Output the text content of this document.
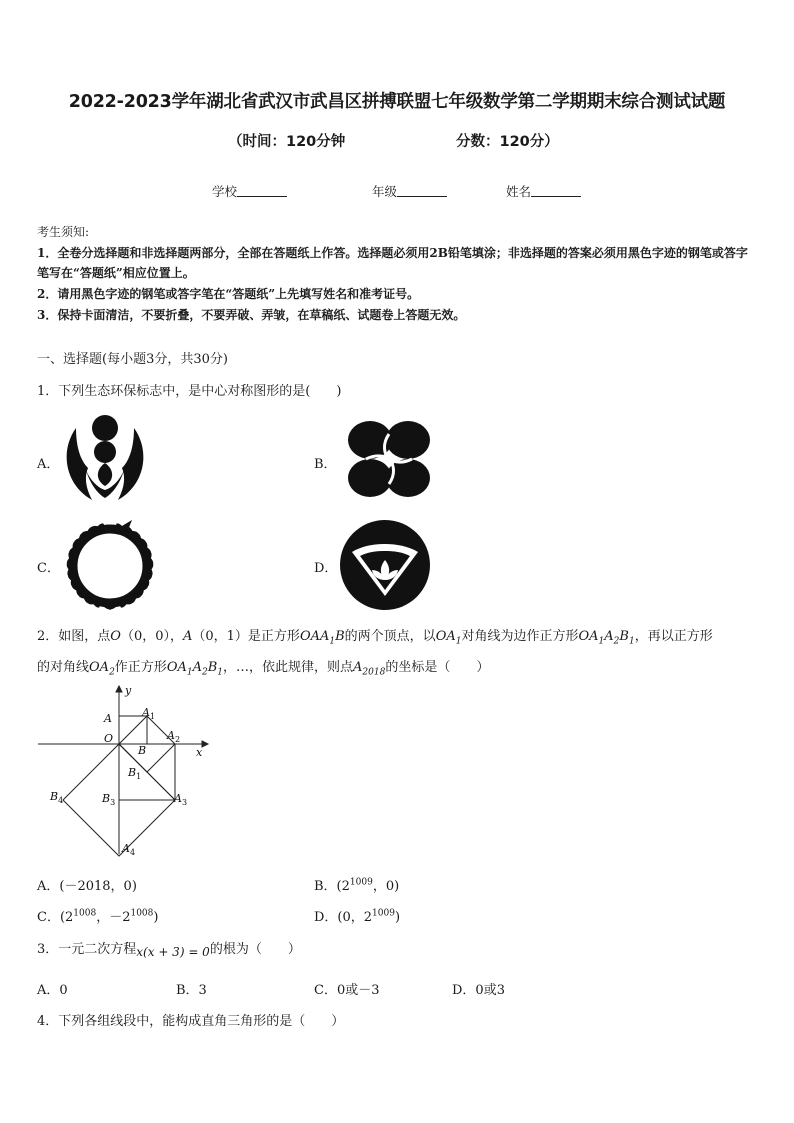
2022-2023学年湖北省武汉市武昌区拼搏联盟七年级数学第二学期期末综合测试试题
（时间：120分钟	分数：120分）
学校	年级	姓名
考生须知:
1．全卷分选择题和非选择题两部分，全部在答题纸上作答。选择题必须用2B铅笔填涂；非选择题的答案必须用黑色字迹的钢笔或答字笔写在“答题纸”相应位置上。
2．请用黑色字迹的钢笔或答字笔在“答题纸”上先填写姓名和准考证号。
3．保持卡面清洁，不要折叠，不要弄破、弄皱，在草稿纸、试题卷上答题无效。
一、选择题(每小题3分，共30分)
1．下列生态环保标志中，是中心对称图形的是(　　)
A．	B．
C．	D．
2．如图，点O（0，0），A（0，1）是正方形$OAA_1B$的两个顶点，以$OA_1$对角线为边作正方形$OA_1A_2B_1$，再以正方形
的对角线$OA_2$作正方形$OA_1A_2B_1$，…，依此规律，则点$A_{2018}$的坐标是（　　）
y
x
A
O
$A_1$
$A_2$
B
$B_1$
$B_3$
$B_4$	$A_3$
$A_4$
A．(－2018，0)	B．($2^{1009}$，0)
C．($2^{1008}$，$-2^{1008}$)	D．(0，$2^{1009}$)
3．一元二次方程x(x + 3) = 0的根为（　　）
A．0	B．3	C．0或－3	D．0或3
4．下列各组线段中，能构成直角三角形的是（　　）
